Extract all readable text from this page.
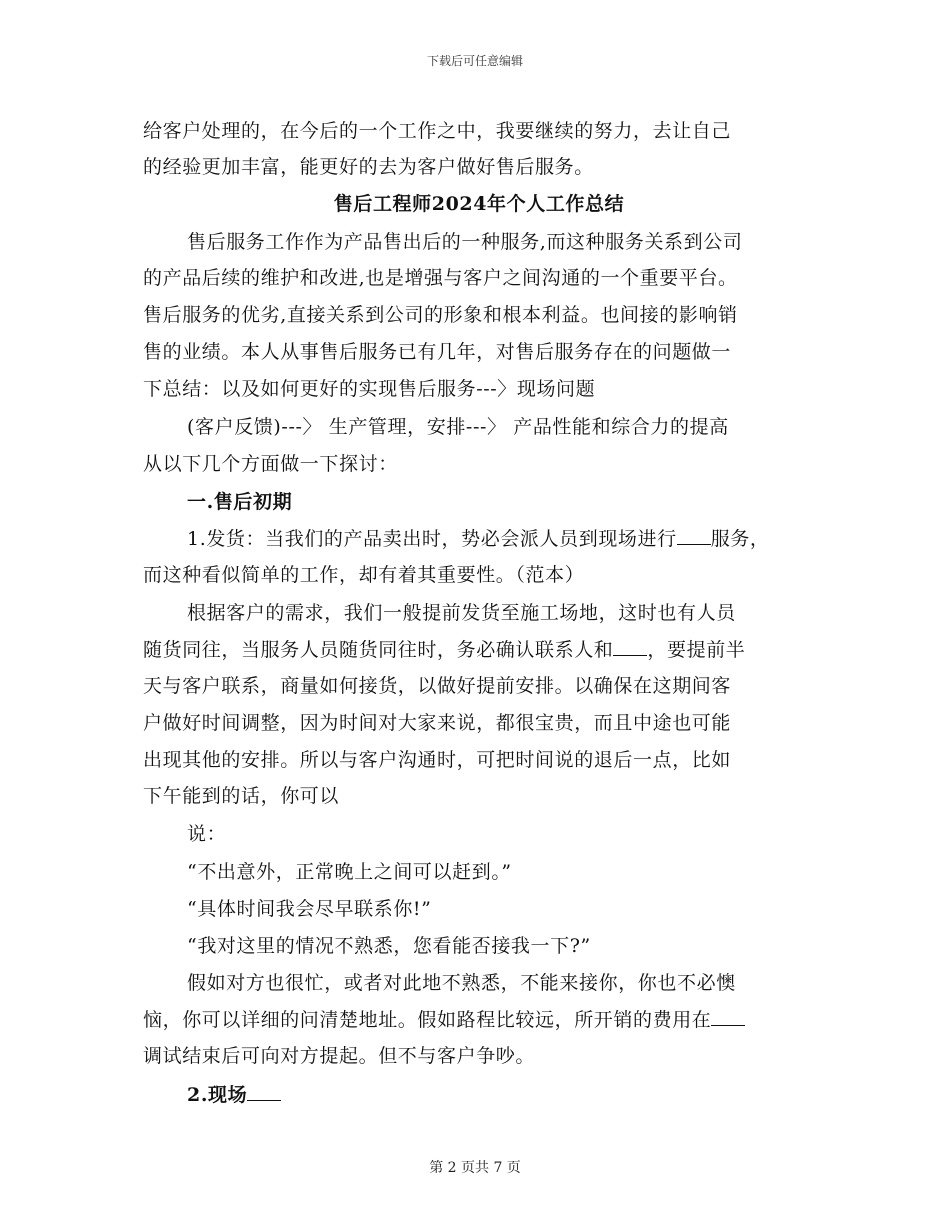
下载后可任意编辑
给客户处理的，在今后的一个工作之中，我要继续的努力，去让自己
的经验更加丰富，能更好的去为客户做好售后服务。
售后工程师2024年个人工作总结
售后服务工作作为产品售出后的一种服务,而这种服务关系到公司
的产品后续的维护和改进,也是增强与客户之间沟通的一个重要平台。
售后服务的优劣,直接关系到公司的形象和根本利益。也间接的影响销
售的业绩。本人从事售后服务已有几年，对售后服务存在的问题做一
下总结：以及如何更好的实现售后服务---〉现场问题
(客户反馈)---〉 生产管理，安排---〉 产品性能和综合力的提高
从以下几个方面做一下探讨：
一.售后初期
1.发货：当我们的产品卖出时，势必会派人员到现场进行 服务，
而这种看似简单的工作，却有着其重要性。（范本）
根据客户的需求，我们一般提前发货至施工场地，这时也有人员
随货同往，当服务人员随货同往时，务必确认联系人和 ，要提前半
天与客户联系，商量如何接货，以做好提前安排。以确保在这期间客
户做好时间调整，因为时间对大家来说，都很宝贵，而且中途也可能
出现其他的安排。所以与客户沟通时，可把时间说的退后一点，比如
下午能到的话，你可以
说：
“不出意外，正常晚上之间可以赶到。”
“具体时间我会尽早联系你!”
“我对这里的情况不熟悉，您看能否接我一下?”
假如对方也很忙，或者对此地不熟悉，不能来接你，你也不必懊
恼，你可以详细的问清楚地址。假如路程比较远，所开销的费用在
调试结束后可向对方提起。但不与客户争吵。
2.现场
第 2 页共 7 页
